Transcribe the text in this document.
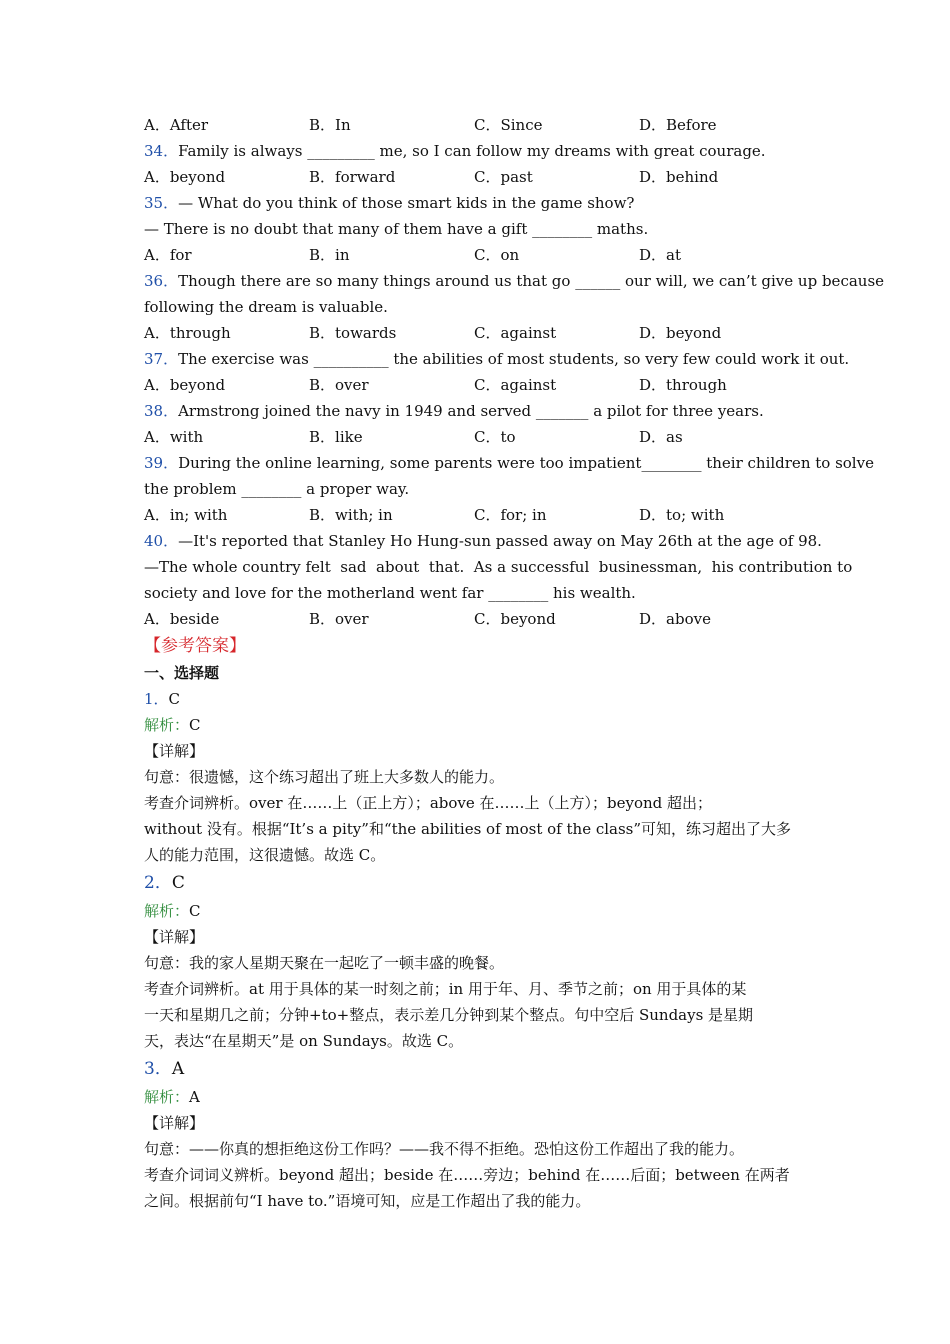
A．After	B．In	C．Since	D．Before
34．Family is always _________ me, so I can follow my dreams with great courage.
A．beyond	B．forward	C．past	D．behind
35．— What do you think of those smart kids in the game show?
— There is no doubt that many of them have a gift ________ maths.
A．for	B．in	C．on	D．at
36．Though there are so many things around us that go ______ our will, we can’t give up because
following the dream is valuable.
A．through	B．towards	C．against	D．beyond
37．The exercise was __________ the abilities of most students, so very few could work it out.
A．beyond	B．over	C．against	D．through
38．Armstrong joined the navy in 1949 and served _______ a pilot for three years.
A．with	B．like	C．to	D．as
39．During the online learning, some parents were too impatient________ their children to solve
the problem ________ a proper way.
A．in; with	B．with; in	C．for; in	D．to; with
40．—It's reported that Stanley Ho Hung-sun passed away on May 26th at the age of 98.
—The whole country felt  sad  about  that.  As a successful  businessman,  his contribution to
society and love for the motherland went far ________ his wealth.
A．beside	B．over	C．beyond	D．above
【参考答案】
一、选择题
1．C
解析：C
【详解】
句意：很遗憾，这个练习超出了班上大多数人的能力。
考查介词辨析。over 在……上（正上方）；above 在……上（上方）；beyond 超出；
without 没有。根据“It’s a pity”和“the abilities of most of the class”可知，练习超出了大多
人的能力范围，这很遗憾。故选 C。
2．C
解析：C
【详解】
句意：我的家人星期天聚在一起吃了一顿丰盛的晚餐。
考查介词辨析。at 用于具体的某一时刻之前；in 用于年、月、季节之前；on 用于具体的某
一天和星期几之前；分钟+to+整点，表示差几分钟到某个整点。句中空后 Sundays 是星期
天，表达“在星期天”是 on Sundays。故选 C。
3．A
解析：A
【详解】
句意：——你真的想拒绝这份工作吗？——我不得不拒绝。恐怕这份工作超出了我的能力。
考查介词词义辨析。beyond 超出；beside 在……旁边；behind 在……后面；between 在两者
之间。根据前句“I have to.”语境可知，应是工作超出了我的能力。
